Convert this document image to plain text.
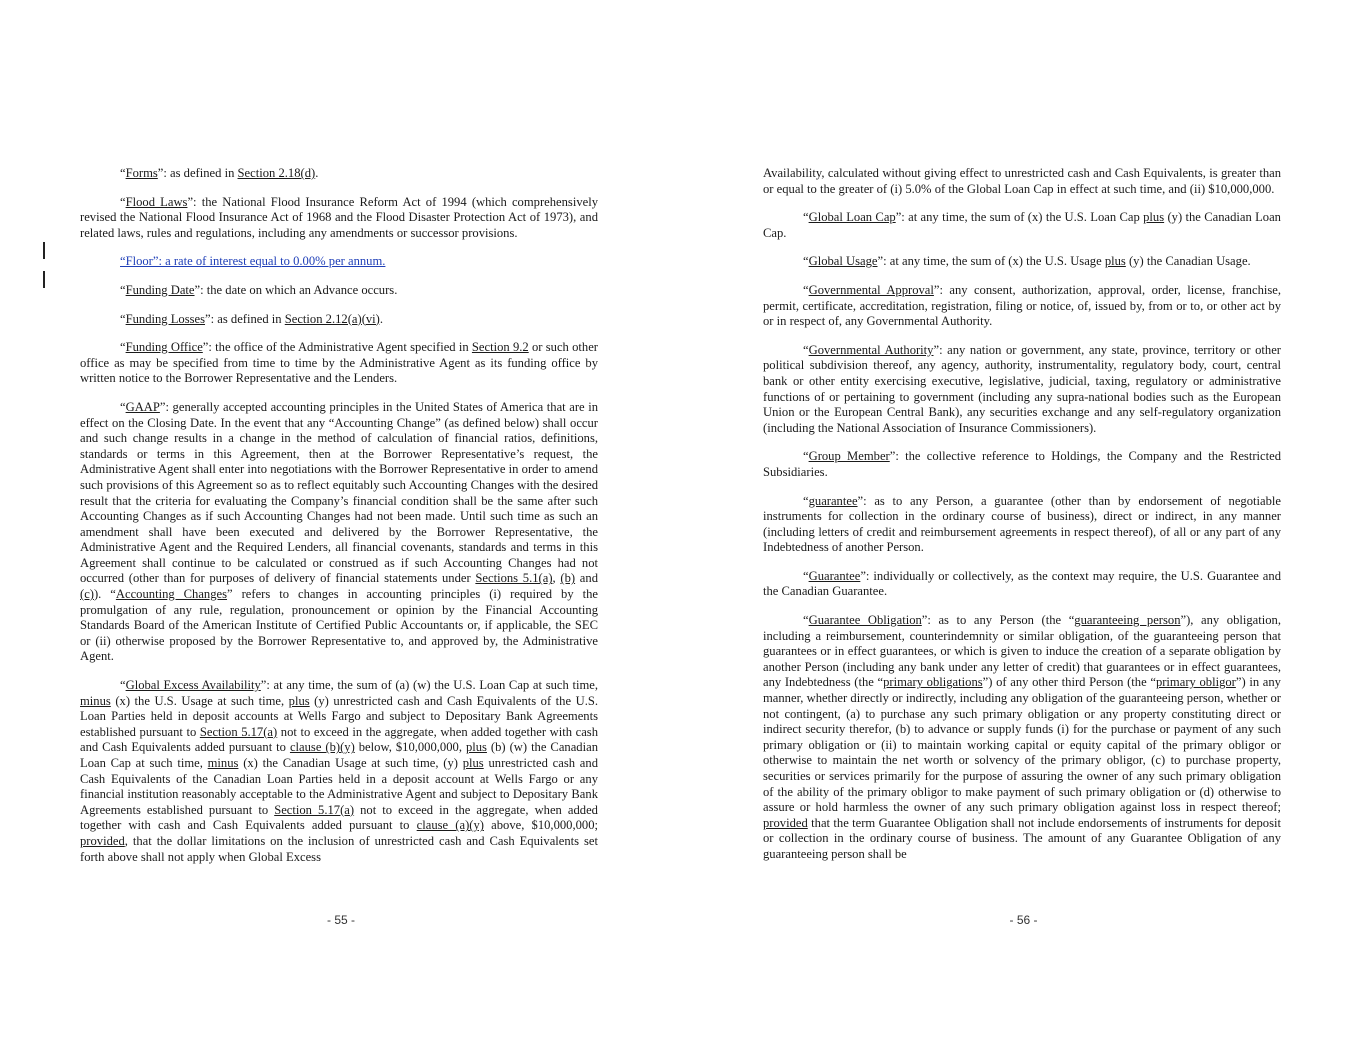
“Forms”: as defined in Section 2.18(d).

“Flood Laws”: the National Flood Insurance Reform Act of 1994 (which comprehensively revised the National Flood Insurance Act of 1968 and the Flood Disaster Protection Act of 1973), and related laws, rules and regulations, including any amendments or successor provisions.

“Floor”: a rate of interest equal to 0.00% per annum.

“Funding Date”: the date on which an Advance occurs.

“Funding Losses”: as defined in Section 2.12(a)(vi).

“Funding Office”: the office of the Administrative Agent specified in Section 9.2 or such other office as may be specified from time to time by the Administrative Agent as its funding office by written notice to the Borrower Representative and the Lenders.

“GAAP”: generally accepted accounting principles in the United States of America that are in effect on the Closing Date. In the event that any “Accounting Change” (as defined below) shall occur and such change results in a change in the method of calculation of financial ratios, definitions, standards or terms in this Agreement, then at the Borrower Representative’s request, the Administrative Agent shall enter into negotiations with the Borrower Representative in order to amend such provisions of this Agreement so as to reflect equitably such Accounting Changes with the desired result that the criteria for evaluating the Company’s financial condition shall be the same after such Accounting Changes as if such Accounting Changes had not been made. Until such time as such an amendment shall have been executed and delivered by the Borrower Representative, the Administrative Agent and the Required Lenders, all financial covenants, standards and terms in this Agreement shall continue to be calculated or construed as if such Accounting Changes had not occurred (other than for purposes of delivery of financial statements under Sections 5.1(a), (b) and (c)). “Accounting Changes” refers to changes in accounting principles (i) required by the promulgation of any rule, regulation, pronouncement or opinion by the Financial Accounting Standards Board of the American Institute of Certified Public Accountants or, if applicable, the SEC or (ii) otherwise proposed by the Borrower Representative to, and approved by, the Administrative Agent.

“Global Excess Availability”: at any time, the sum of (a) (w) the U.S. Loan Cap at such time, minus (x) the U.S. Usage at such time, plus (y) unrestricted cash and Cash Equivalents of the U.S. Loan Parties held in deposit accounts at Wells Fargo and subject to Depositary Bank Agreements established pursuant to Section 5.17(a) not to exceed in the aggregate, when added together with cash and Cash Equivalents added pursuant to clause (b)(y) below, $10,000,000, plus (b) (w) the Canadian Loan Cap at such time, minus (x) the Canadian Usage at such time, (y) plus unrestricted cash and Cash Equivalents of the Canadian Loan Parties held in a deposit account at Wells Fargo or any financial institution reasonably acceptable to the Administrative Agent and subject to Depositary Bank Agreements established pursuant to Section 5.17(a) not to exceed in the aggregate, when added together with cash and Cash Equivalents added pursuant to clause (a)(y) above, $10,000,000; provided, that the dollar limitations on the inclusion of unrestricted cash and Cash Equivalents set forth above shall not apply when Global Excess

- 55 -

Availability, calculated without giving effect to unrestricted cash and Cash Equivalents, is greater than or equal to the greater of (i) 5.0% of the Global Loan Cap in effect at such time, and (ii) $10,000,000.

“Global Loan Cap”: at any time, the sum of (x) the U.S. Loan Cap plus (y) the Canadian Loan Cap.

“Global Usage”: at any time, the sum of (x) the U.S. Usage plus (y) the Canadian Usage.

“Governmental Approval”: any consent, authorization, approval, order, license, franchise, permit, certificate, accreditation, registration, filing or notice, of, issued by, from or to, or other act by or in respect of, any Governmental Authority.

“Governmental Authority”: any nation or government, any state, province, territory or other political subdivision thereof, any agency, authority, instrumentality, regulatory body, court, central bank or other entity exercising executive, legislative, judicial, taxing, regulatory or administrative functions of or pertaining to government (including any supra-national bodies such as the European Union or the European Central Bank), any securities exchange and any self-regulatory organization (including the National Association of Insurance Commissioners).

“Group Member”: the collective reference to Holdings, the Company and the Restricted Subsidiaries.

“guarantee”: as to any Person, a guarantee (other than by endorsement of negotiable instruments for collection in the ordinary course of business), direct or indirect, in any manner (including letters of credit and reimbursement agreements in respect thereof), of all or any part of any Indebtedness of another Person.

“Guarantee”: individually or collectively, as the context may require, the U.S. Guarantee and the Canadian Guarantee.

“Guarantee Obligation”: as to any Person (the “guaranteeing person”), any obligation, including a reimbursement, counterindemnity or similar obligation, of the guaranteeing person that guarantees or in effect guarantees, or which is given to induce the creation of a separate obligation by another Person (including any bank under any letter of credit) that guarantees or in effect guarantees, any Indebtedness (the “primary obligations”) of any other third Person (the “primary obligor”) in any manner, whether directly or indirectly, including any obligation of the guaranteeing person, whether or not contingent, (a) to purchase any such primary obligation or any property constituting direct or indirect security therefor, (b) to advance or supply funds (i) for the purchase or payment of any such primary obligation or (ii) to maintain working capital or equity capital of the primary obligor or otherwise to maintain the net worth or solvency of the primary obligor, (c) to purchase property, securities or services primarily for the purpose of assuring the owner of any such primary obligation of the ability of the primary obligor to make payment of such primary obligation or (d) otherwise to assure or hold harmless the owner of any such primary obligation against loss in respect thereof; provided that the term Guarantee Obligation shall not include endorsements of instruments for deposit or collection in the ordinary course of business. The amount of any Guarantee Obligation of any guaranteeing person shall be

- 56 -
